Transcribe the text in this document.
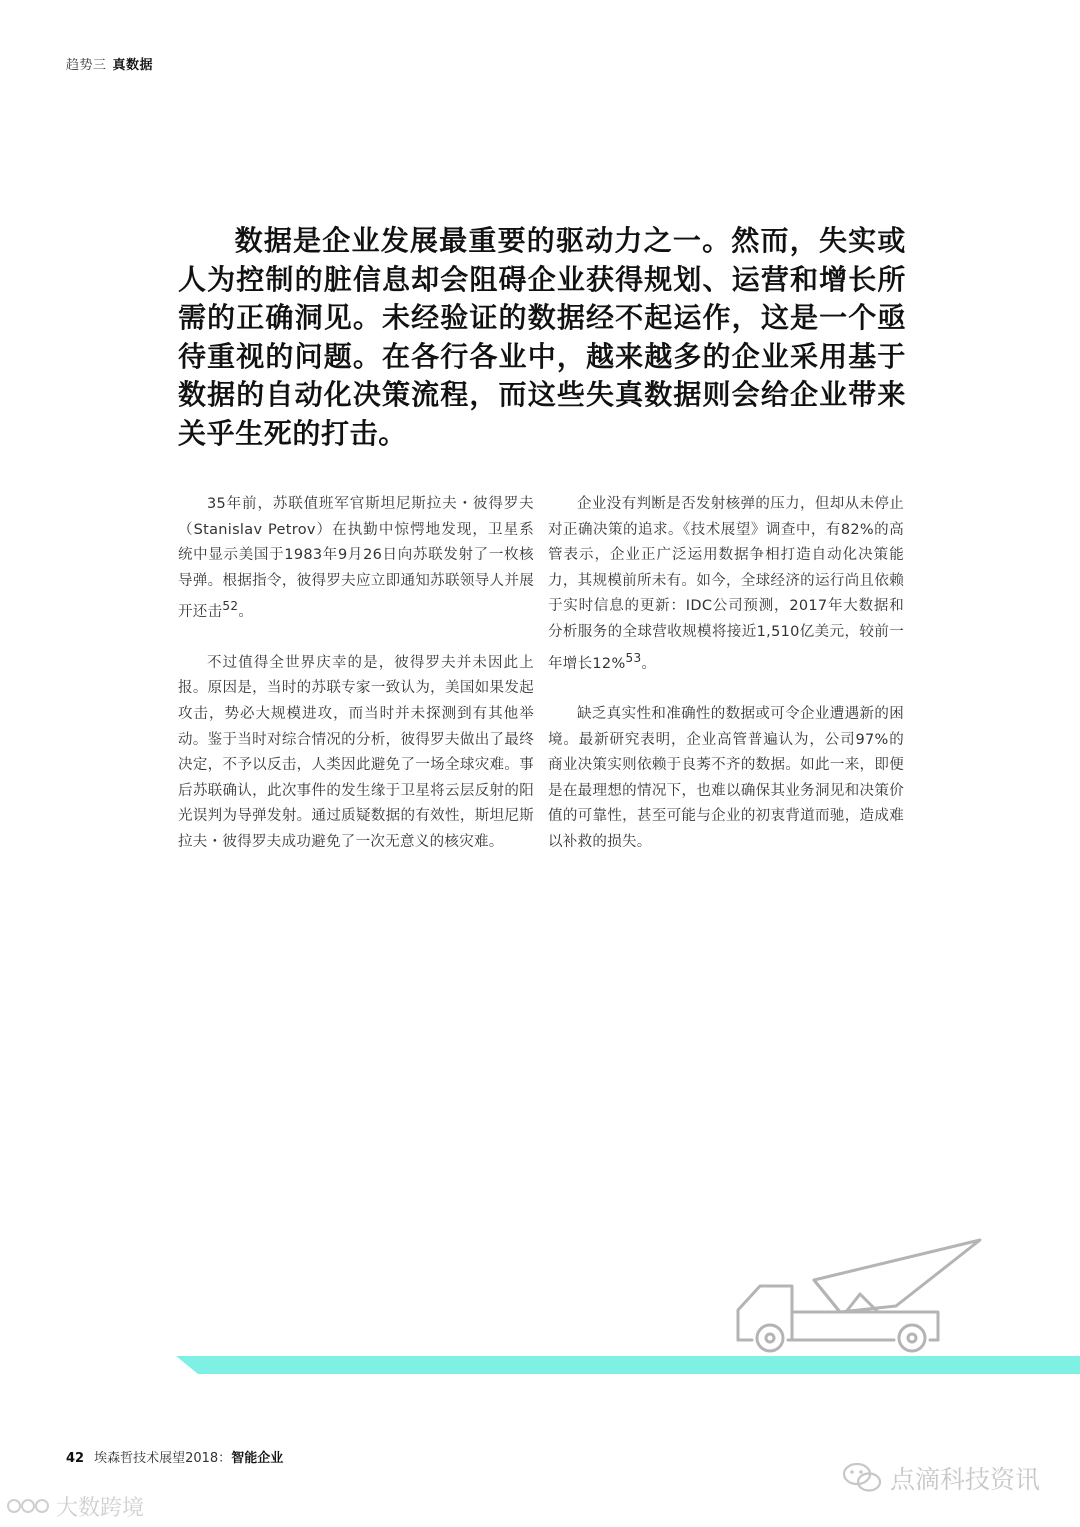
趋势三 真数据
数据是企业发展最重要的驱动力之一。然而，失实或人为控制的脏信息却会阻碍企业获得规划、运营和增长所需的正确洞见。未经验证的数据经不起运作，这是一个亟待重视的问题。在各行各业中，越来越多的企业采用基于数据的自动化决策流程，而这些失真数据则会给企业带来关乎生死的打击。

35年前，苏联值班军官斯坦尼斯拉夫・彼得罗夫（Stanislav Petrov）在执勤中惊愕地发现，卫星系统中显示美国于1983年9月26日向苏联发射了一枚核导弹。根据指令，彼得罗夫应立即通知苏联领导人并展开还击$^{52}$。

不过值得全世界庆幸的是，彼得罗夫并未因此上报。原因是，当时的苏联专家一致认为，美国如果发起攻击，势必大规模进攻，而当时并未探测到有其他举动。鉴于当时对综合情况的分析，彼得罗夫做出了最终决定，不予以反击，人类因此避免了一场全球灾难。事后苏联确认，此次事件的发生缘于卫星将云层反射的阳光误判为导弹发射。通过质疑数据的有效性，斯坦尼斯拉夫・彼得罗夫成功避免了一次无意义的核灾难。

企业没有判断是否发射核弹的压力，但却从未停止对正确决策的追求。《技术展望》调查中，有82%的高管表示，企业正广泛运用数据争相打造自动化决策能力，其规模前所未有。如今，全球经济的运行尚且依赖于实时信息的更新：IDC公司预测，2017年大数据和分析服务的全球营收规模将接近1,510亿美元，较前一年增长12%$^{53}$。

缺乏真实性和准确性的数据或可令企业遭遇新的困境。最新研究表明，企业高管普遍认为，公司97%的商业决策实则依赖于良莠不齐的数据。如此一来，即便是在最理想的情况下，也难以确保其业务洞见和决策价值的可靠性，甚至可能与企业的初衷背道而驰，造成难以补救的损失。

42 埃森哲技术展望2018：智能企业
点滴科技资讯
大数跨境
